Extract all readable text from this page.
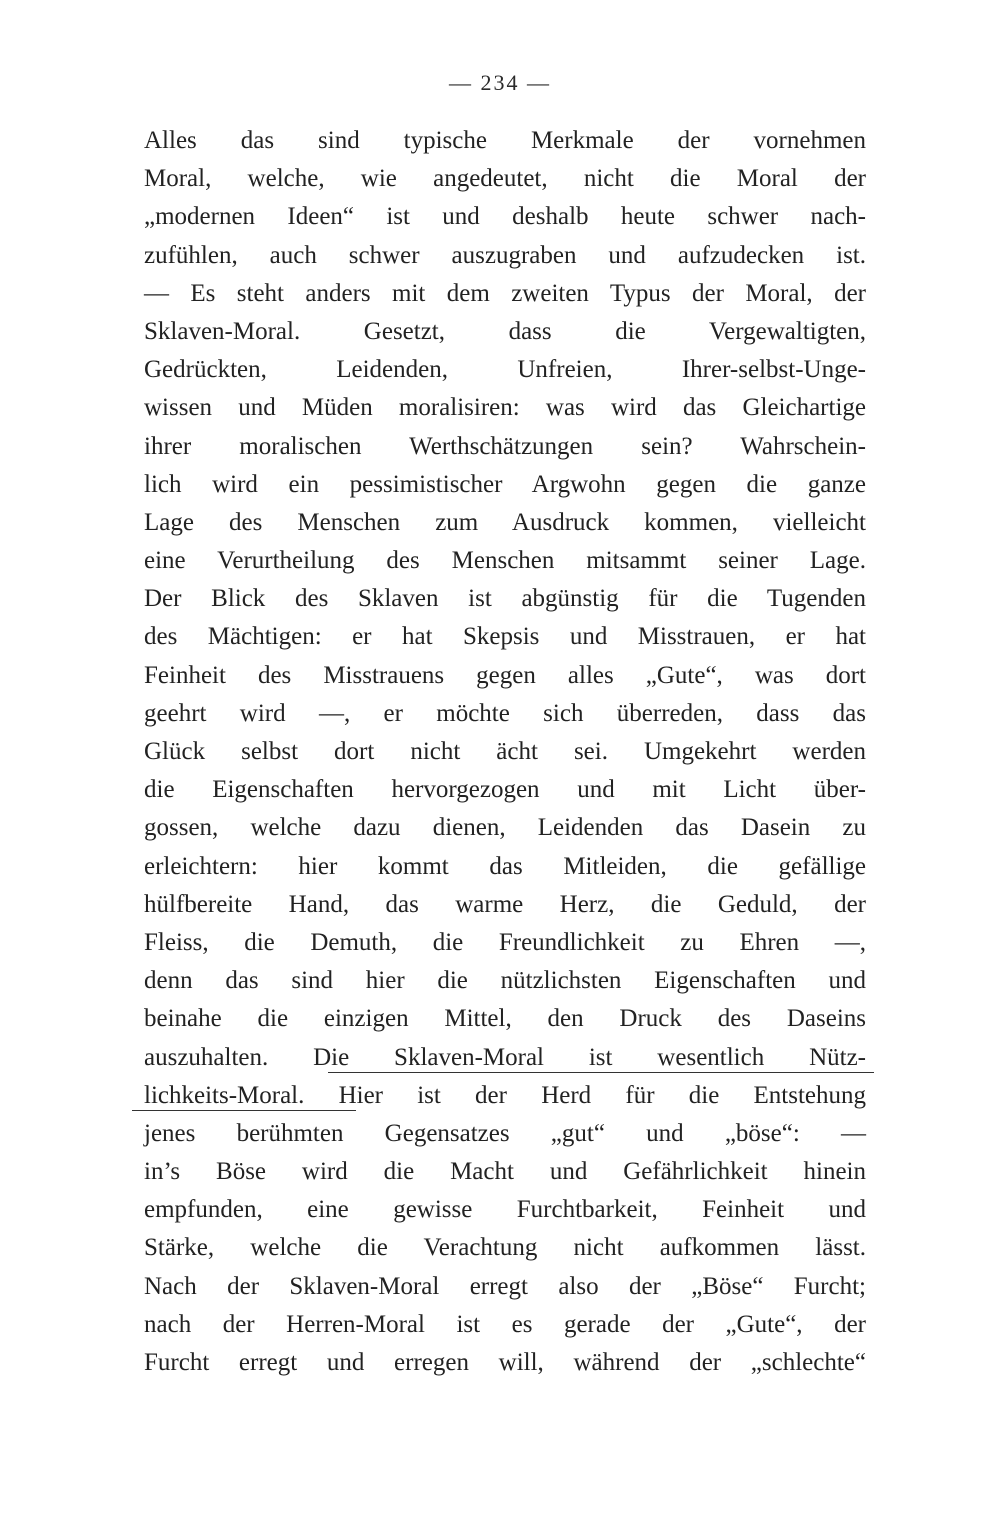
— 234 —
Alles das sind typische Merkmale der vornehmen
Moral, welche, wie angedeutet, nicht die Moral der
„modernen Ideen“ ist und deshalb heute schwer nach-
zufühlen, auch schwer auszugraben und aufzudecken ist.
— Es steht anders mit dem zweiten Typus der Moral, der
Sklaven-Moral. Gesetzt, dass die Vergewaltigten,
Gedrückten, Leidenden, Unfreien, Ihrer-selbst-Unge-
wissen und Müden moralisiren: was wird das Gleichartige
ihrer moralischen Werthschätzungen sein? Wahrschein-
lich wird ein pessimistischer Argwohn gegen die ganze
Lage des Menschen zum Ausdruck kommen, vielleicht
eine Verurtheilung des Menschen mitsammt seiner Lage.
Der Blick des Sklaven ist abgünstig für die Tugenden
des Mächtigen: er hat Skepsis und Misstrauen, er hat
Feinheit des Misstrauens gegen alles „Gute“, was dort
geehrt wird —, er möchte sich überreden, dass das
Glück selbst dort nicht ächt sei. Umgekehrt werden
die Eigenschaften hervorgezogen und mit Licht über-
gossen, welche dazu dienen, Leidenden das Dasein zu
erleichtern: hier kommt das Mitleiden, die gefällige
hülfbereite Hand, das warme Herz, die Geduld, der
Fleiss, die Demuth, die Freundlichkeit zu Ehren —,
denn das sind hier die nützlichsten Eigenschaften und
beinahe die einzigen Mittel, den Druck des Daseins
auszuhalten. Die Sklaven-Moral ist wesentlich Nütz-
lichkeits-Moral. Hier ist der Herd für die Entstehung
jenes berühmten Gegensatzes „gut“ und „böse“: —
in’s Böse wird die Macht und Gefährlichkeit hinein
empfunden, eine gewisse Furchtbarkeit, Feinheit und
Stärke, welche die Verachtung nicht aufkommen lässt.
Nach der Sklaven-Moral erregt also der „Böse“ Furcht;
nach der Herren-Moral ist es gerade der „Gute“, der
Furcht erregt und erregen will, während der „schlechte“
